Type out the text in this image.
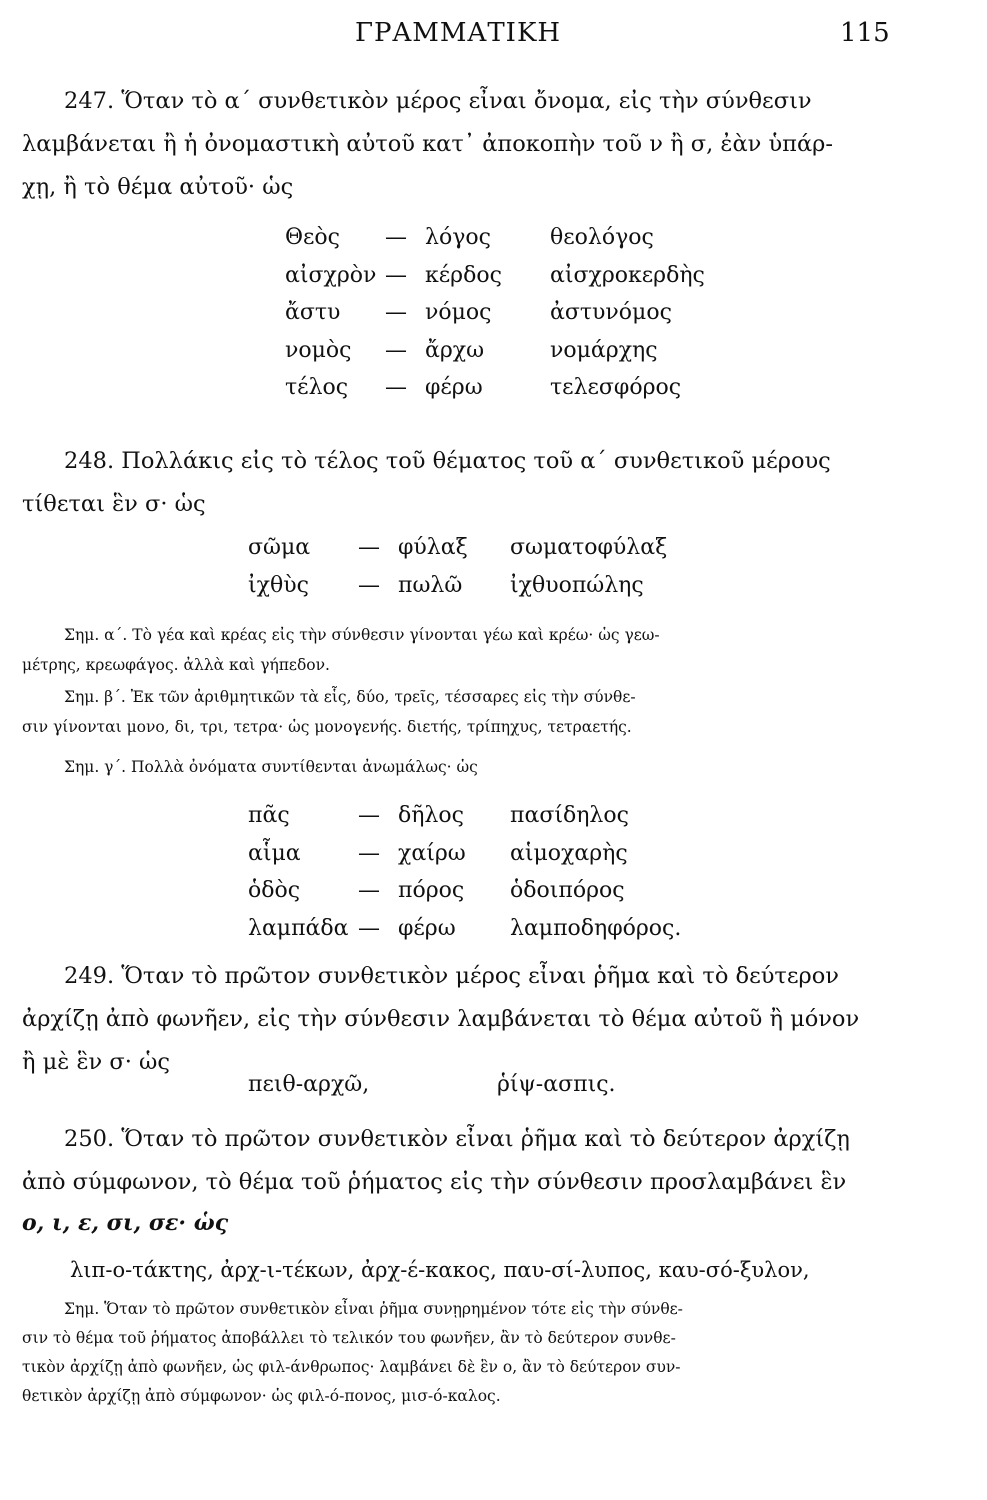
ΓΡΑΜΜΑΤΙΚΗ	115
247. Ὅταν τὸ α΄ συνθετικὸν μέρος εἶναι ὄνομα, εἰς τὴν σύνθεσιν
λαμβάνεται ἢ ἡ ὀνομαστικὴ αὐτοῦ κατ᾽ ἀποκοπὴν τοῦ ν ἢ σ, ἐὰν ὑπάρ-
χῃ, ἢ τὸ θέμα αὐτοῦ· ὡς
Θεὸς — λόγος	θεολόγος
αἰσχρὸν — κέρδος αἰσχροκερδὴς
ἄστυ — νόμος	ἀστυνόμος
νομὸς — ἄρχω	νομάρχης
τέλος — φέρω	τελεσφόρος
248. Πολλάκις εἰς τὸ τέλος τοῦ θέματος τοῦ α΄ συνθετικοῦ μέρους
τίθεται ἓν σ· ὡς
σῶμα — φύλαξ σωματοφύλαξ
ἰχθὺς — πωλῶ ἰχθυοπώλης
Σημ. α΄. Τὸ γέα καὶ κρέας εἰς τὴν σύνθεσιν γίνονται γέω καὶ κρέω· ὡς γεω-
μέτρης, κρεωφάγος. ἀλλὰ καὶ γήπεδον.
Σημ. β΄. Ἐκ τῶν ἀριθμητικῶν τὰ εἷς, δύο, τρεῖς, τέσσαρες εἰς τὴν σύνθε-
σιν γίνονται μονο, δι, τρι, τετρα· ὡς μονογενής. διετής, τρίπηχυς, τετραετής.
Σημ. γ΄. Πολλὰ ὀνόματα συντίθενται ἀνωμάλως· ὡς
πᾶς	— δῆλος πασίδηλος
αἷμα	— χαίρω αἱμοχαρὴς
ὁδὸς	— πόρος ὁδοιπόρος
λαμπάδα — φέρω λαμποδηφόρος.
249. Ὅταν τὸ πρῶτον συνθετικὸν μέρος εἶναι ῥῆμα καὶ τὸ δεύτερον
ἀρχίζῃ ἀπὸ φωνῆεν, εἰς τὴν σύνθεσιν λαμβάνεται τὸ θέμα αὐτοῦ ἢ μόνον
ἢ μὲ ἓν σ· ὡς
πειθ-αρχῶ,	ῥίψ-ασπις.
250. Ὅταν τὸ πρῶτον συνθετικὸν εἶναι ῥῆμα καὶ τὸ δεύτερον ἀρχίζῃ
ἀπὸ σύμφωνον, τὸ θέμα τοῦ ῥήματος εἰς τὴν σύνθεσιν προσλαμβάνει ἓν
ο, ι, ε, σι, σε· ὡς
λιπ-ο-τάκτης, ἀρχ-ι-τέκων, ἀρχ-έ-κακος, παυ-σί-λυπος, καυ-σό-ξυλον,
Σημ. Ὅταν τὸ πρῶτον συνθετικὸν εἶναι ῥῆμα συνῃρημένον τότε εἰς τὴν σύνθε-
σιν τὸ θέμα τοῦ ῥήματος ἀποβάλλει τὸ τελικόν του φωνῆεν, ἂν τὸ δεύτερον συνθε-
τικὸν ἀρχίζῃ ἀπὸ φωνῆεν, ὡς φιλ-άνθρωπος· λαμβάνει δὲ ἓν ο, ἂν τὸ δεύτερον συν-
θετικὸν ἀρχίζῃ ἀπὸ σύμφωνον· ὡς φιλ-ό-πονος, μισ-ό-καλος.
